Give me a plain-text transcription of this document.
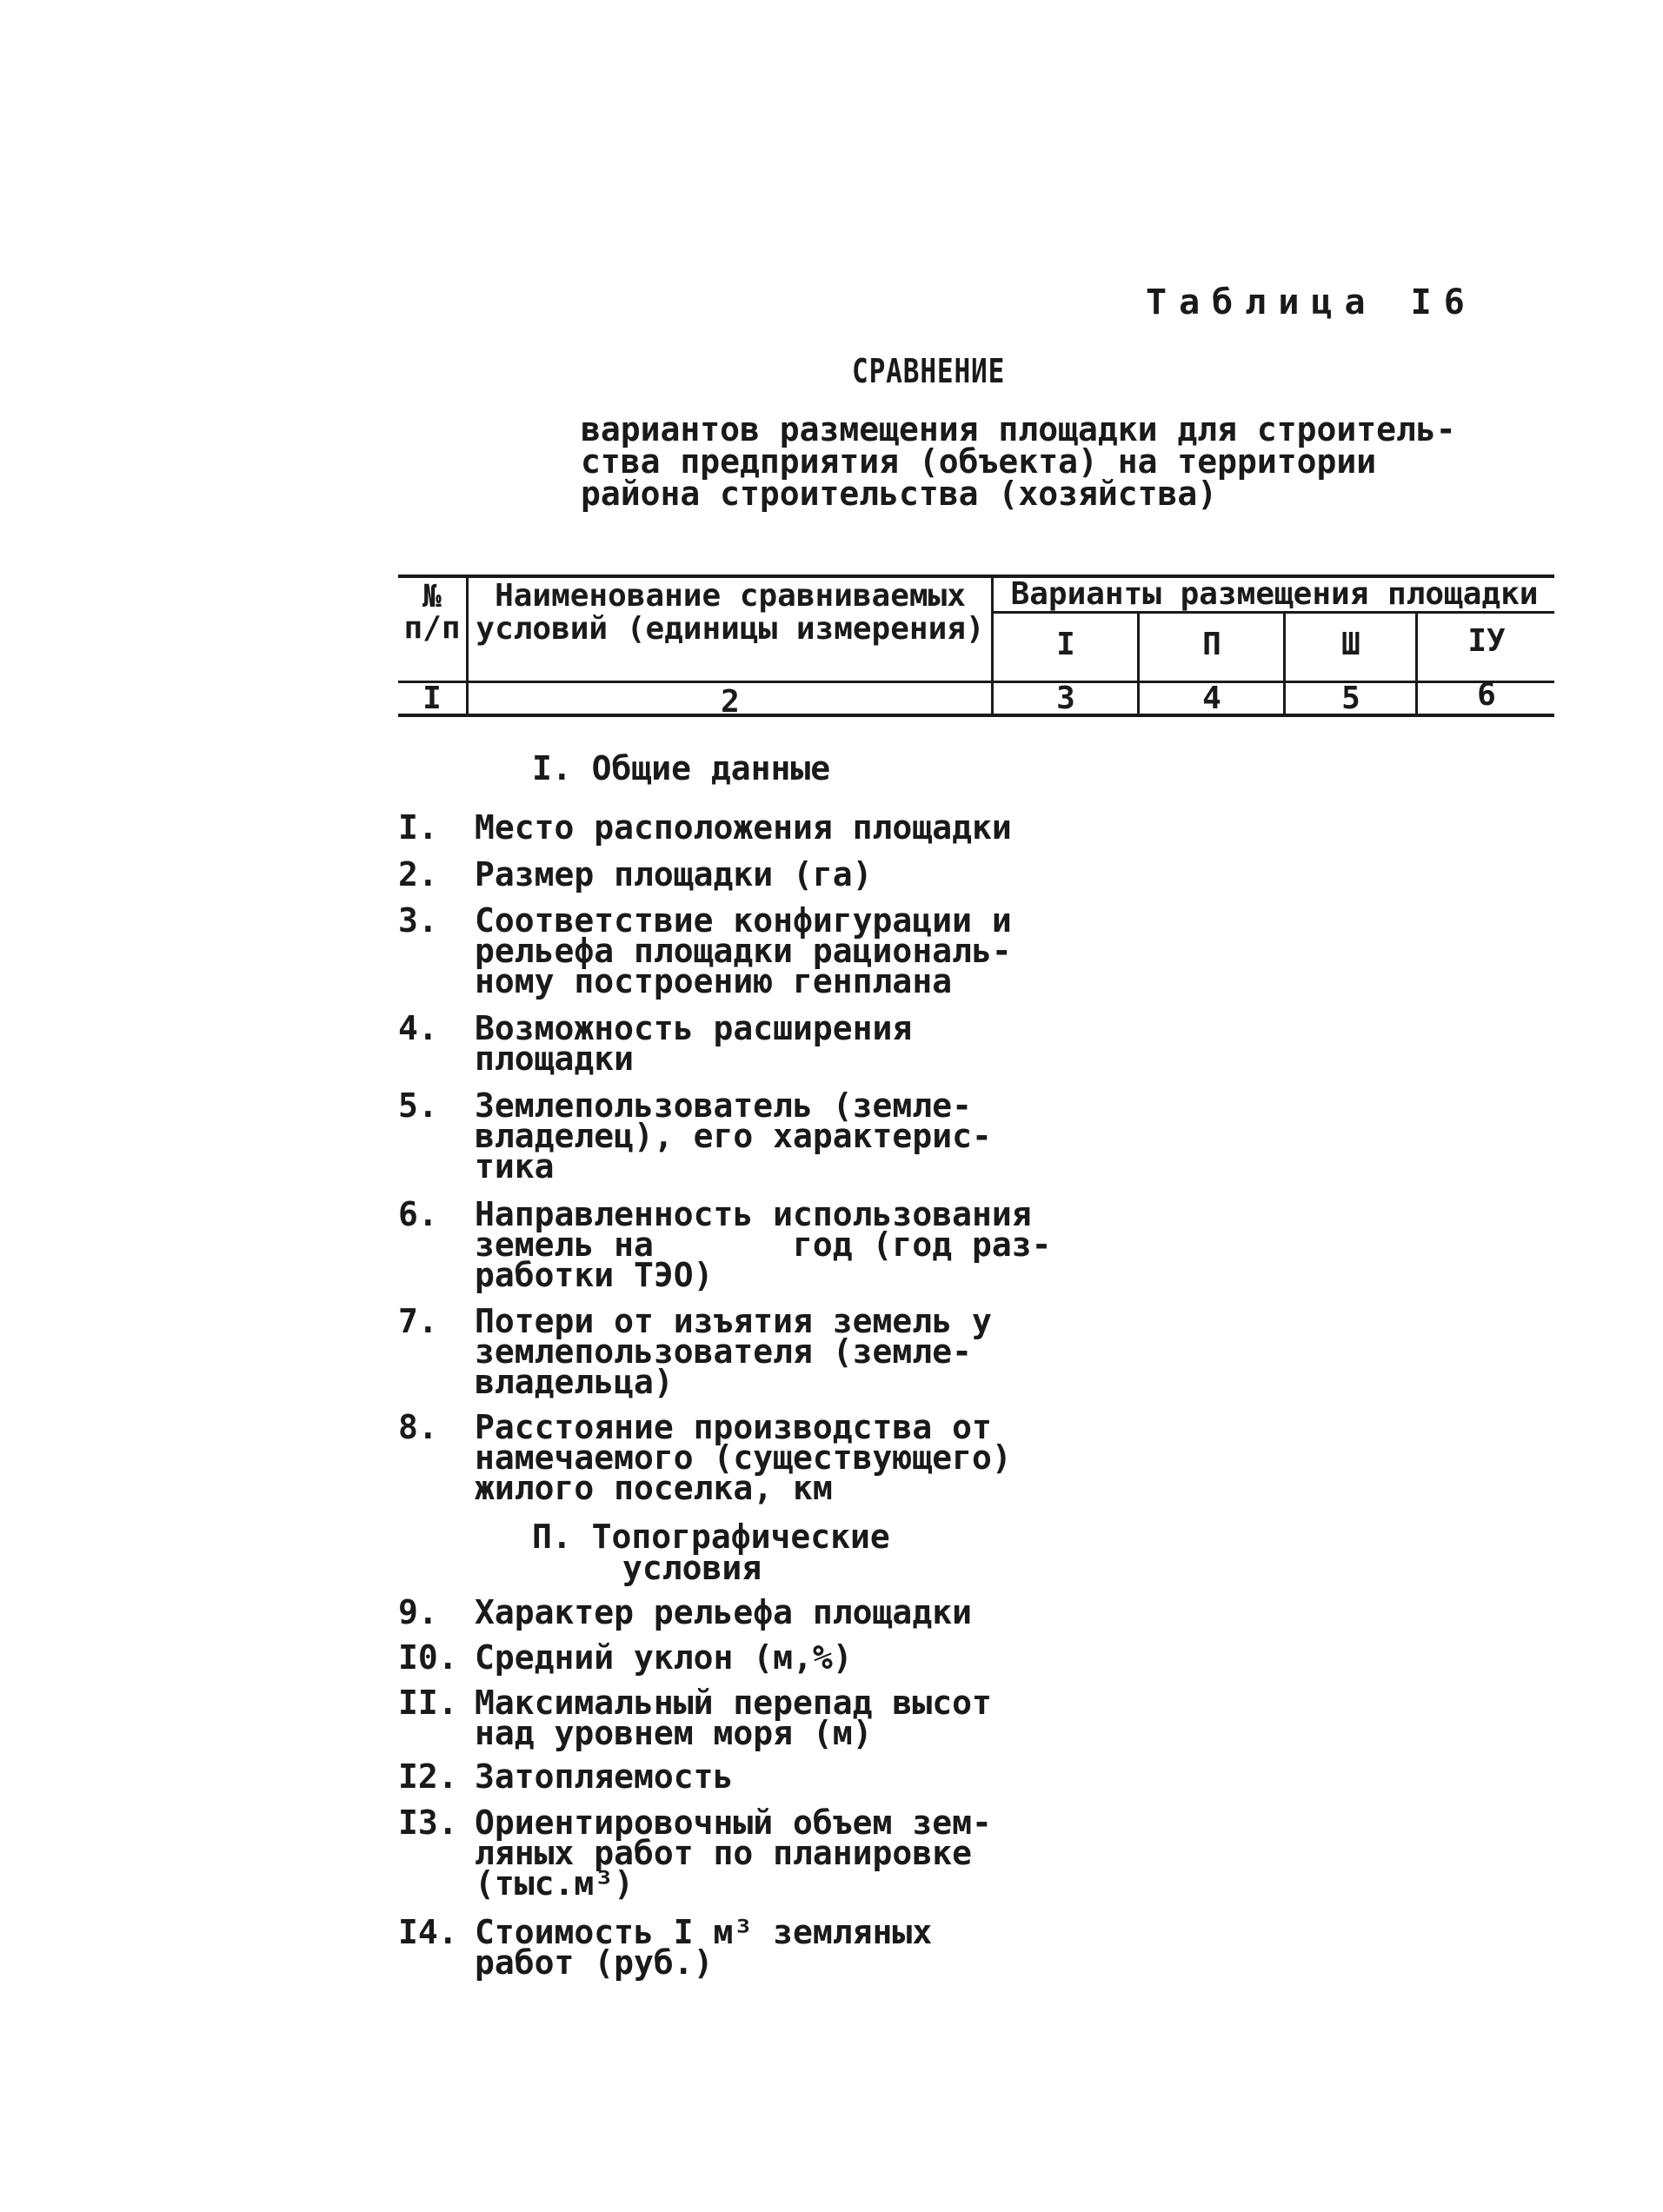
Таблица I6
СРАВНЕНИЕ
вариантов размещения площадки для строитель-
ства предприятия (объекта) на территории
района строительства (хозяйства)
№
п/п
Наименование сравниваемых
условий (единицы измерения)
Варианты размещения площадки
I	П	Ш	IУ
I	2	3	4	5	6
I. Общие данные
I.	Место расположения площадки
2.	Размер площадки (га)
3.	Соответствие конфигурации и
рельефа площадки рациональ-
ному построению генплана
4.	Возможность расширения
площадки
5.	Землепользователь (земле-
владелец), его характерис-
тика
6.	Направленность использования
земель на       год (год раз-
работки ТЭО)
7.	Потери от изъятия земель у
землепользователя (земле-
владельца)
8.	Расстояние производства от
намечаемого (существующего)
жилого поселка, км
П. Топографические
условия
9.	Характер рельефа площадки
I0. Средний уклон (м,%)
II. Максимальный перепад высот
над уровнем моря (м)
I2. Затопляемость
I3. Ориентировочный объем зем-
ляных работ по планировке
(тыс.м³)
I4. Стоимость I м³ земляных
работ (руб.)
